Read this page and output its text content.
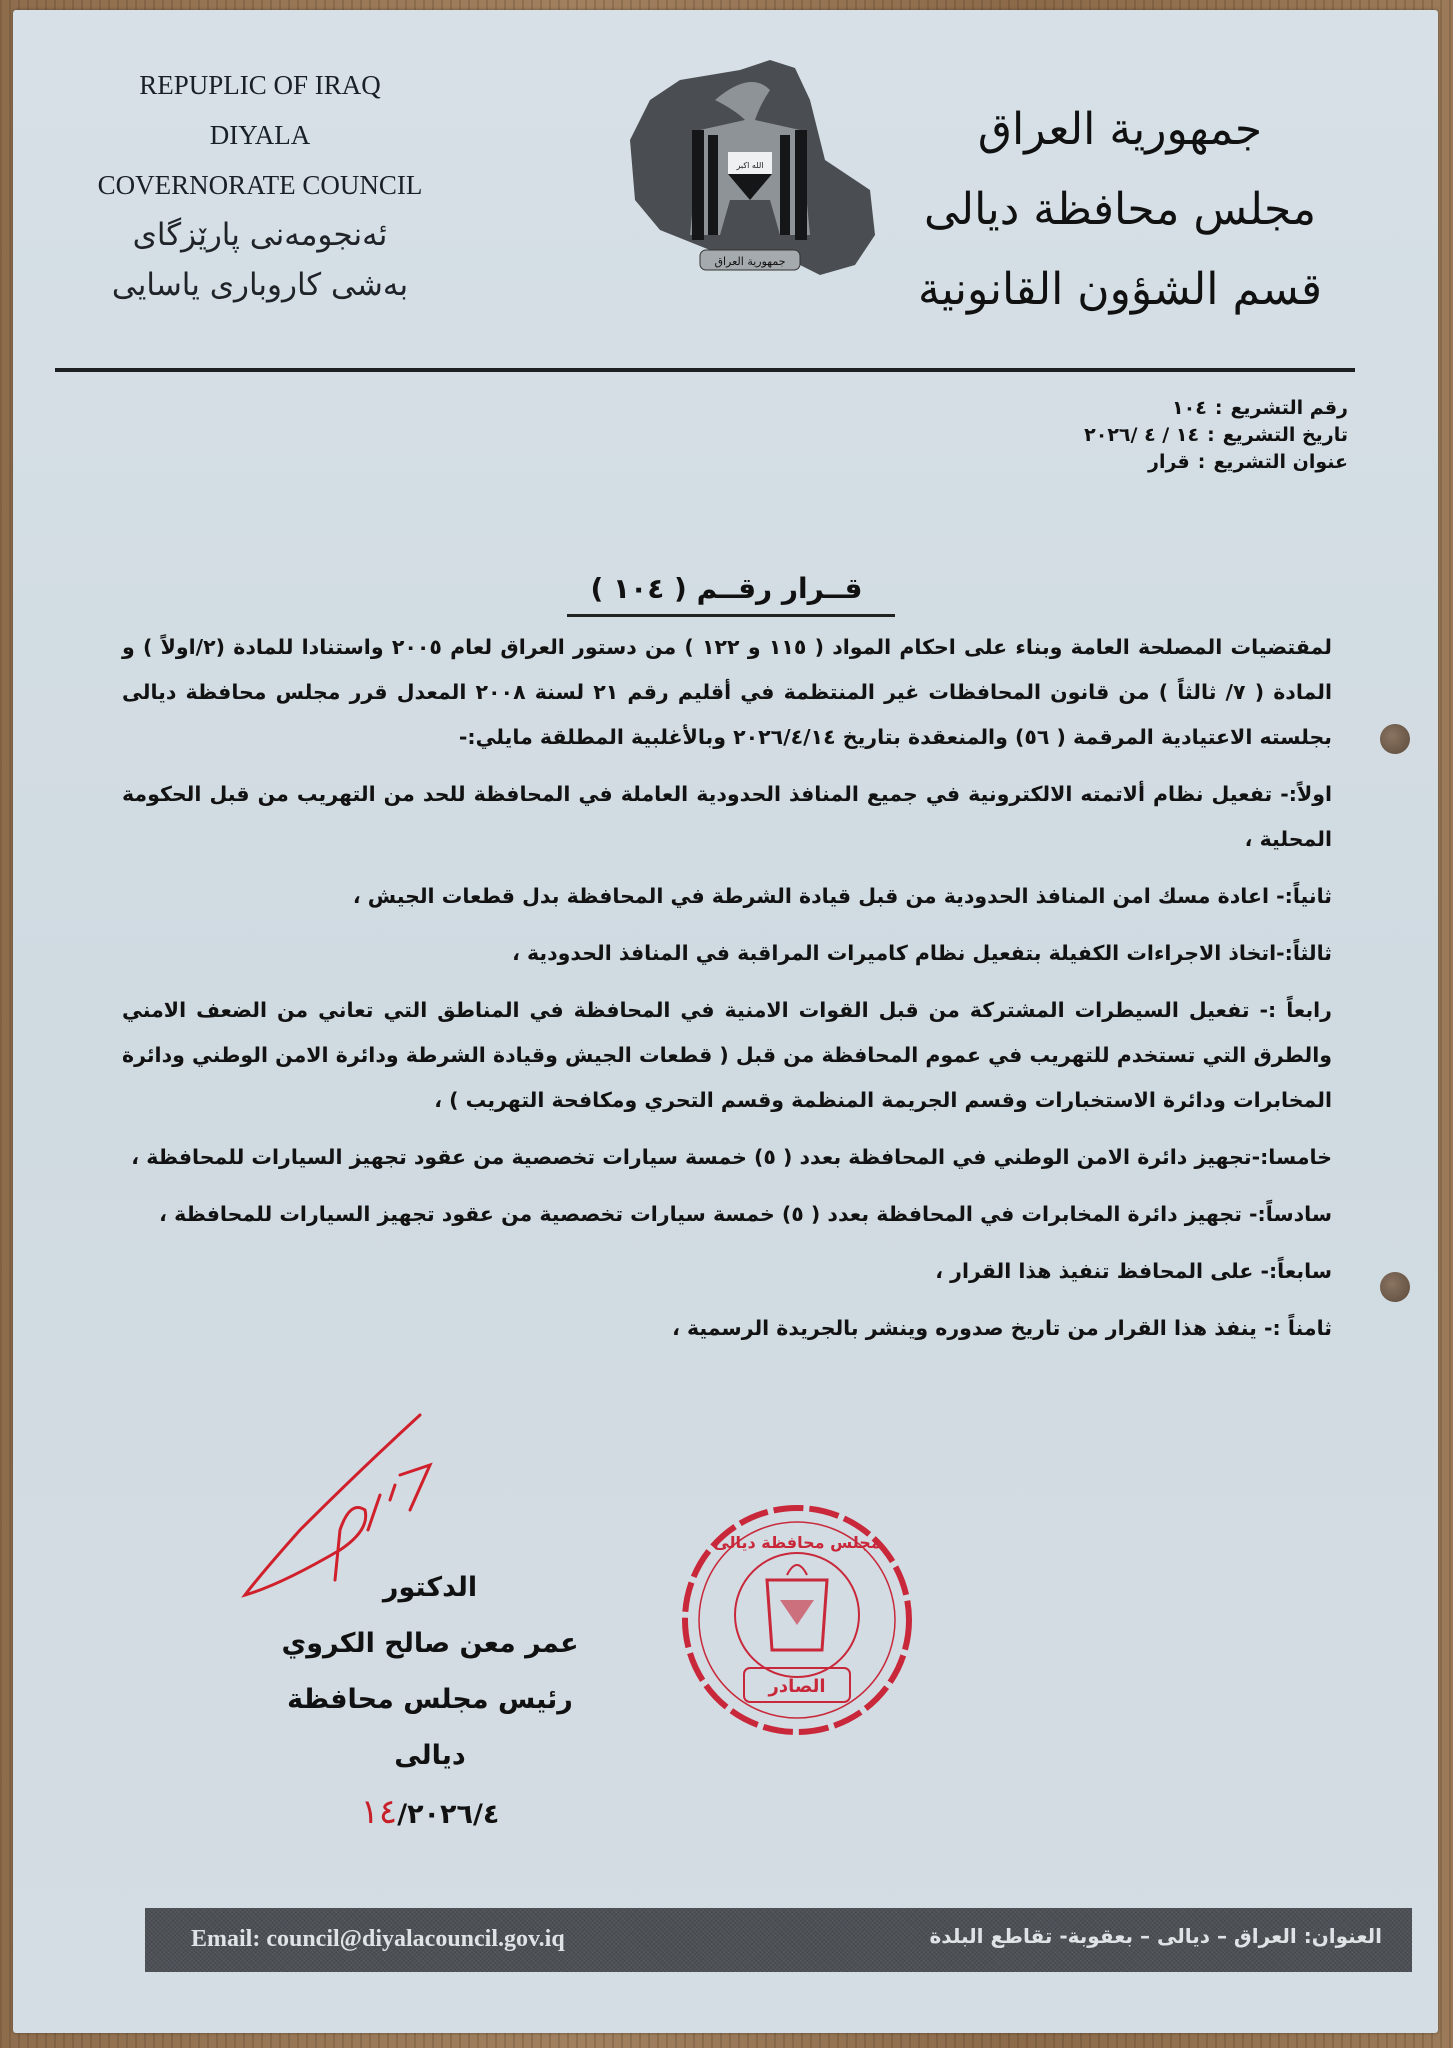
REPUPLIC OF IRAQ
DIYALA
COVERNORATE COUNCIL
ئەنجومەنی پارێزگای
بەشی کاروباری یاسایی
الله اكبر
جمهورية العراق
جمهورية العراق
مجلس محافظة ديالى
قسم الشؤون القانونية
رقم التشريع:١٠٤
تاريخ التشريع:١٤ / ٤ /٢٠٢٦
عنوان التشريع:قرار
قــرار رقــم ( ١٠٤ )

لمقتضيات المصلحة العامة وبناء على احكام المواد ( ١١٥ و ١٢٢ ) من دستور العراق لعام ٢٠٠٥ واستنادا للمادة (٢/اولاً ) و المادة ( ٧/ ثالثاً ) من قانون المحافظات غير المنتظمة في أقليم رقم ٢١ لسنة ٢٠٠٨ المعدل قرر مجلس محافظة ديالى بجلسته الاعتيادية المرقمة ( ٥٦) والمنعقدة بتاريخ ٢٠٢٦/٤/١٤ وبالأغلبية المطلقة مايلي:-

اولاً:- تفعيل نظام ألاتمته الالكترونية في جميع المنافذ الحدودية العاملة في المحافظة للحد من التهريب من قبل الحكومة المحلية ،

ثانياً:- اعادة مسك امن المنافذ الحدودية من قبل قيادة الشرطة في المحافظة بدل قطعات الجيش ،

ثالثاً:-اتخاذ الاجراءات الكفيلة بتفعيل نظام كاميرات المراقبة في المنافذ الحدودية ،

رابعاً :- تفعيل السيطرات المشتركة من قبل القوات الامنية في المحافظة في المناطق التي تعاني من الضعف الامني والطرق التي تستخدم للتهريب في عموم المحافظة من قبل ( قطعات الجيش وقيادة الشرطة ودائرة الامن الوطني ودائرة المخابرات ودائرة الاستخبارات وقسم الجريمة المنظمة وقسم التحري ومكافحة التهريب ) ،

خامسا:-تجهيز دائرة الامن الوطني في المحافظة بعدد ( ٥) خمسة سيارات تخصصية من عقود تجهيز السيارات للمحافظة ،

سادساً:- تجهيز دائرة المخابرات في المحافظة بعدد ( ٥) خمسة سيارات تخصصية من عقود تجهيز السيارات للمحافظة ،

سابعاً:- على المحافظ تنفيذ هذا القرار ،

ثامناً :- ينفذ هذا القرار من تاريخ صدوره وينشر بالجريدة الرسمية ،

الدكتور
عمر معن صالح الكروي
رئيس مجلس محافظة ديالى
١٤/٢٠٢٦/٤
مجلس محافظة ديالى
الصادر
Email: council@diyalacouncil.gov.iq	العنوان: العراق – ديالى – بعقوبة- تقاطع البلدة
